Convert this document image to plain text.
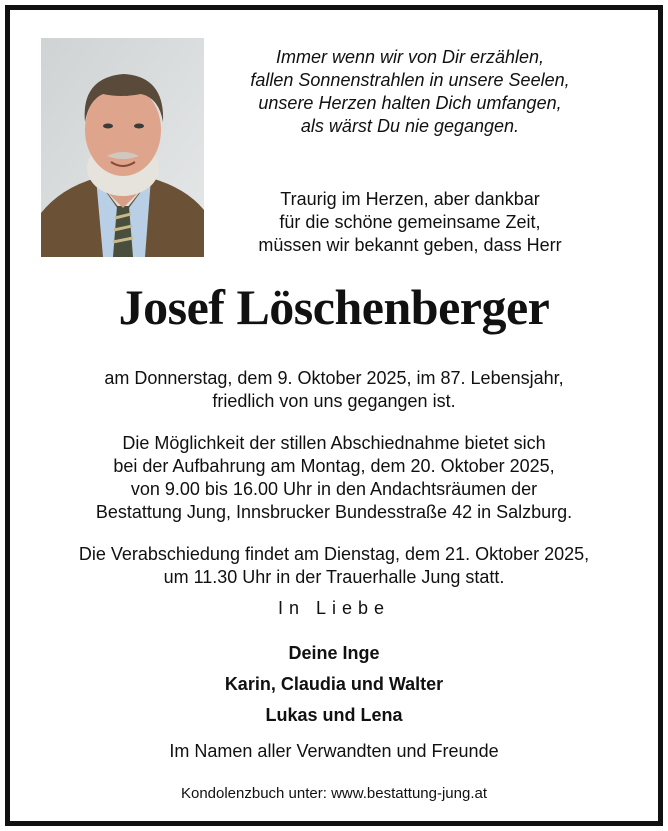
Immer wenn wir von Dir erzählen,
fallen Sonnenstrahlen in unsere Seelen,
unsere Herzen halten Dich umfangen,
als wärst Du nie gegangen.
Traurig im Herzen, aber dankbar
für die schöne gemeinsame Zeit,
müssen wir bekannt geben, dass Herr
Josef Löschenberger
am Donnerstag, dem 9. Oktober 2025, im 87. Lebensjahr,
friedlich von uns gegangen ist.
Die Möglichkeit der stillen Abschiednahme bietet sich
bei der Aufbahrung am Montag, dem 20. Oktober 2025,
von 9.00 bis 16.00 Uhr in den Andachtsräumen der
Bestattung Jung, Innsbrucker Bundesstraße 42 in Salzburg.
Die Verabschiedung findet am Dienstag, dem 21. Oktober 2025,
um 11.30 Uhr in der Trauerhalle Jung statt.
In Liebe
Deine Inge
Karin, Claudia und Walter
Lukas und Lena
Im Namen aller Verwandten und Freunde
Kondolenzbuch unter: www.bestattung-jung.at
